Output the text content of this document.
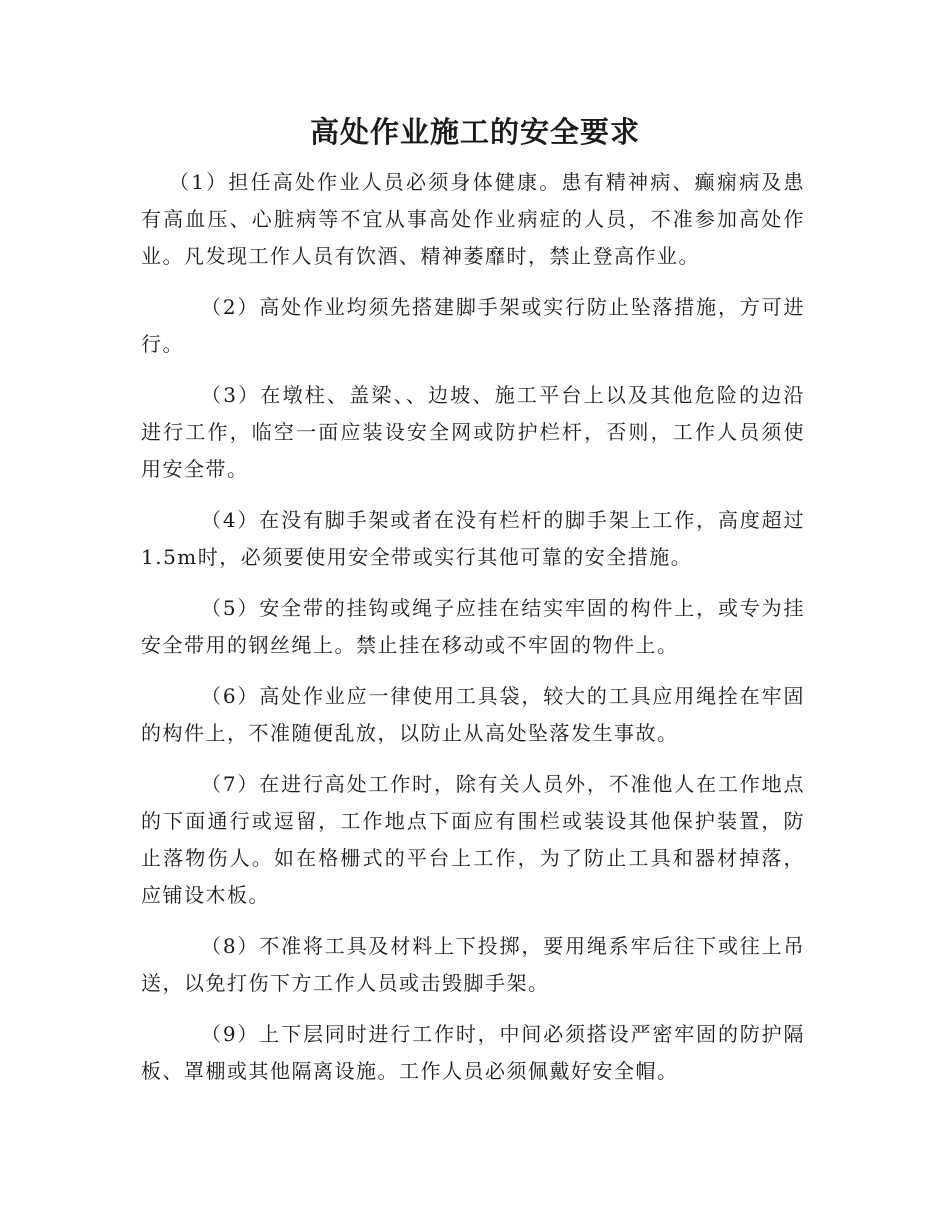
高处作业施工的安全要求

（1）担任高处作业人员必须身体健康。患有精神病、癫痫病及患有高血压、心脏病等不宜从事高处作业病症的人员，不准参加高处作业。凡发现工作人员有饮酒、精神萎靡时，禁止登高作业。

（2）高处作业均须先搭建脚手架或实行防止坠落措施，方可进行。

（3）在墩柱、盖梁、、边坡、施工平台上以及其他危险的边沿进行工作，临空一面应装设安全网或防护栏杆，否则，工作人员须使用安全带。

（4）在没有脚手架或者在没有栏杆的脚手架上工作，高度超过1.5m时，必须要使用安全带或实行其他可靠的安全措施。

（5）安全带的挂钩或绳子应挂在结实牢固的构件上，或专为挂安全带用的钢丝绳上。禁止挂在移动或不牢固的物件上。

（6）高处作业应一律使用工具袋，较大的工具应用绳拴在牢固的构件上，不准随便乱放，以防止从高处坠落发生事故。

（7）在进行高处工作时，除有关人员外，不准他人在工作地点的下面通行或逗留，工作地点下面应有围栏或装设其他保护装置，防止落物伤人。如在格栅式的平台上工作，为了防止工具和器材掉落，应铺设木板。

（8）不准将工具及材料上下投掷，要用绳系牢后往下或往上吊送，以免打伤下方工作人员或击毁脚手架。

（9）上下层同时进行工作时，中间必须搭设严密牢固的防护隔板、罩棚或其他隔离设施。工作人员必须佩戴好安全帽。
